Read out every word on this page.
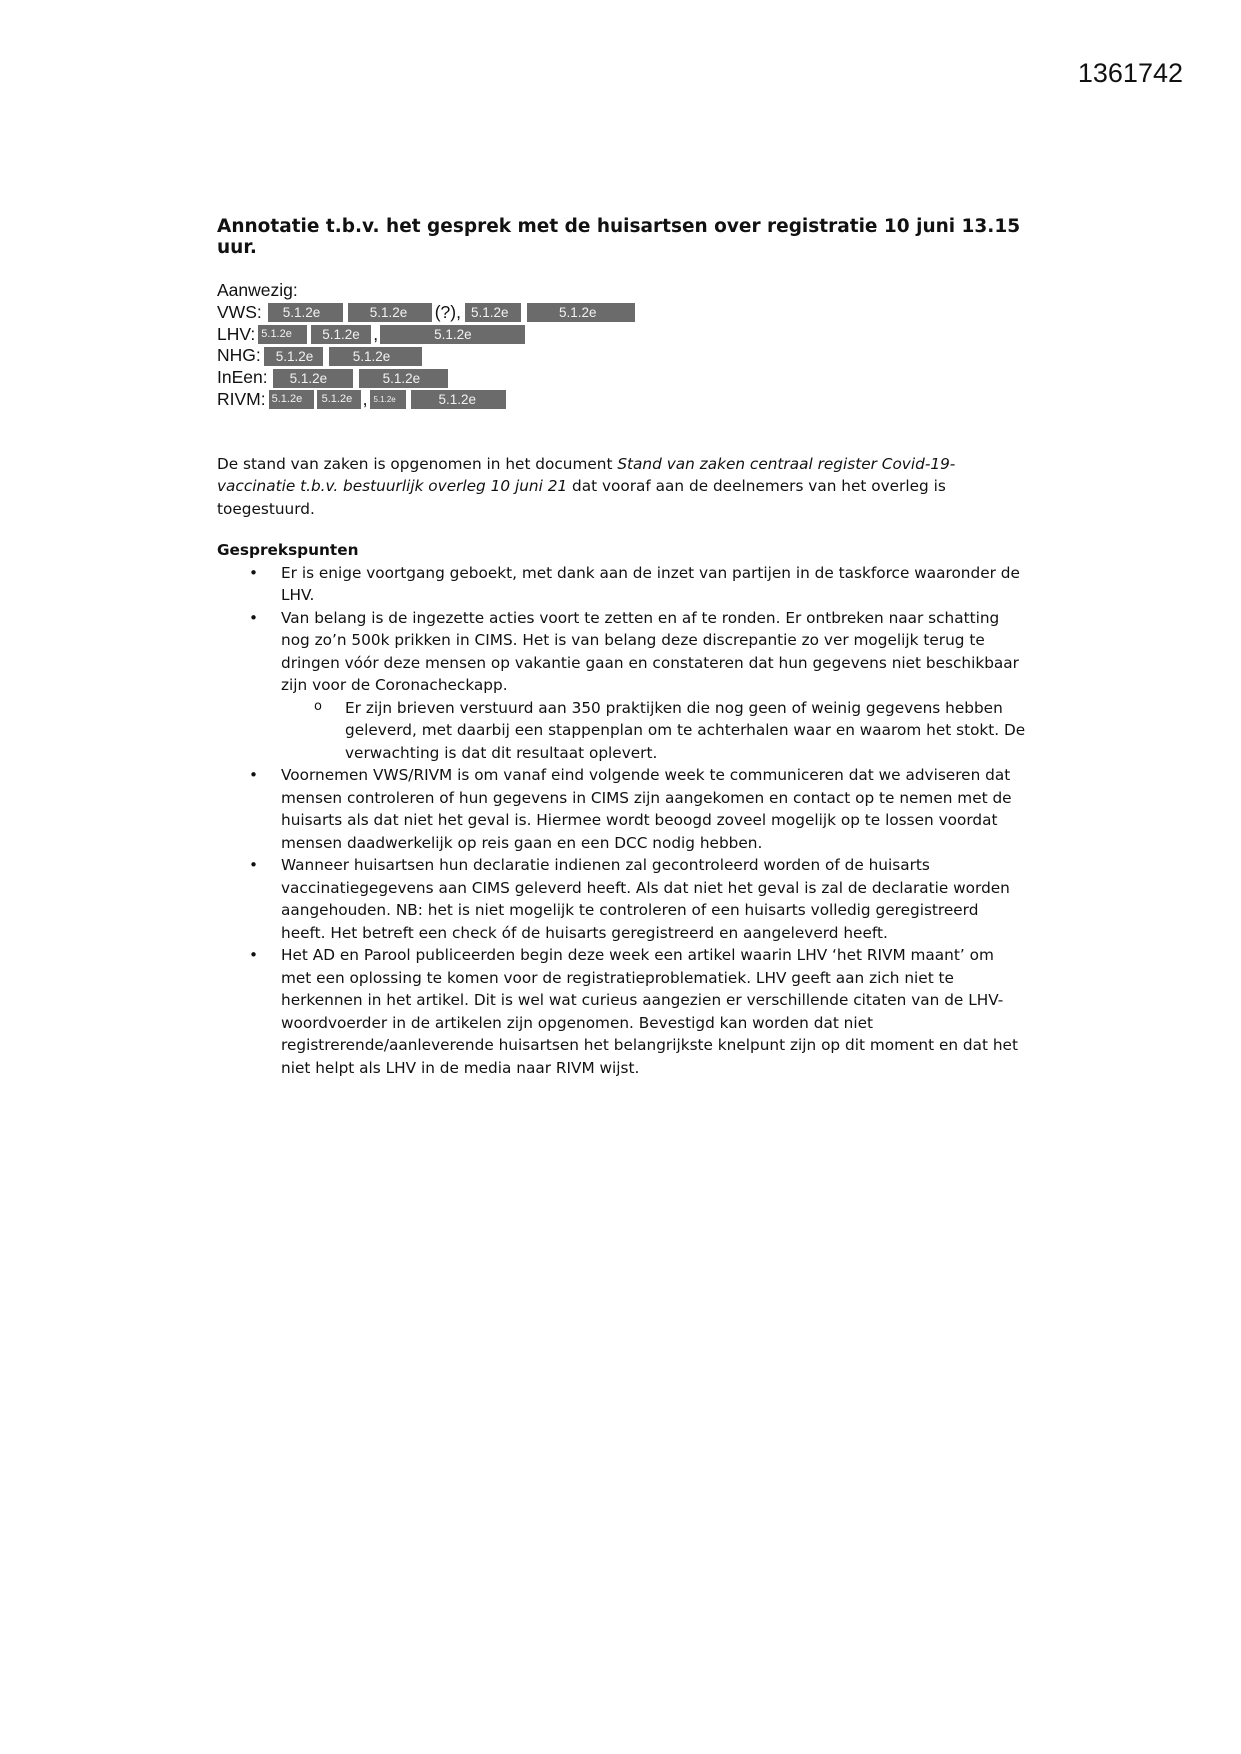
1361742
Annotatie t.b.v. het gesprek met de huisartsen over registratie 10 juni 13.15 uur.
Aanwezig:
VWS:	5.1.2e	5.1.2e	(?), 5.1.2e	5.1.2e
LHV: 5.1.2e	5.1.2e ,	5.1.2e
NHG:	5.1.2e	5.1.2e
InEen:	5.1.2e	5.1.2e
RIVM: 5.1.2e	5.1.2e , 5.1.2e	5.1.2e

De stand van zaken is opgenomen in het document Stand van zaken centraal register Covid-19-vaccinatie t.b.v. bestuurlijk overleg 10 juni 21 dat vooraf aan de deelnemers van het overleg is toegestuurd.

Gesprekspunten
• Er is enige voortgang geboekt, met dank aan de inzet van partijen in de taskforce waaronder de LHV.
• Van belang is de ingezette acties voort te zetten en af te ronden. Er ontbreken naar schatting nog zo’n 500k prikken in CIMS. Het is van belang deze discrepantie zo ver mogelijk terug te dringen vóór deze mensen op vakantie gaan en constateren dat hun gegevens niet beschikbaar zijn voor de Coronacheckapp.
o Er zijn brieven verstuurd aan 350 praktijken die nog geen of weinig gegevens hebben geleverd, met daarbij een stappenplan om te achterhalen waar en waarom het stokt. De verwachting is dat dit resultaat oplevert.
• Voornemen VWS/RIVM is om vanaf eind volgende week te communiceren dat we adviseren dat mensen controleren of hun gegevens in CIMS zijn aangekomen en contact op te nemen met de huisarts als dat niet het geval is. Hiermee wordt beoogd zoveel mogelijk op te lossen voordat mensen daadwerkelijk op reis gaan en een DCC nodig hebben.
• Wanneer huisartsen hun declaratie indienen zal gecontroleerd worden of de huisarts vaccinatiegegevens aan CIMS geleverd heeft. Als dat niet het geval is zal de declaratie worden aangehouden. NB: het is niet mogelijk te controleren of een huisarts volledig geregistreerd heeft. Het betreft een check óf de huisarts geregistreerd en aangeleverd heeft.
• Het AD en Parool publiceerden begin deze week een artikel waarin LHV ‘het RIVM maant’ om met een oplossing te komen voor de registratieproblematiek. LHV geeft aan zich niet te herkennen in het artikel. Dit is wel wat curieus aangezien er verschillende citaten van de LHV-woordvoerder in de artikelen zijn opgenomen. Bevestigd kan worden dat niet registrerende/aanleverende huisartsen het belangrijkste knelpunt zijn op dit moment en dat het niet helpt als LHV in de media naar RIVM wijst.
